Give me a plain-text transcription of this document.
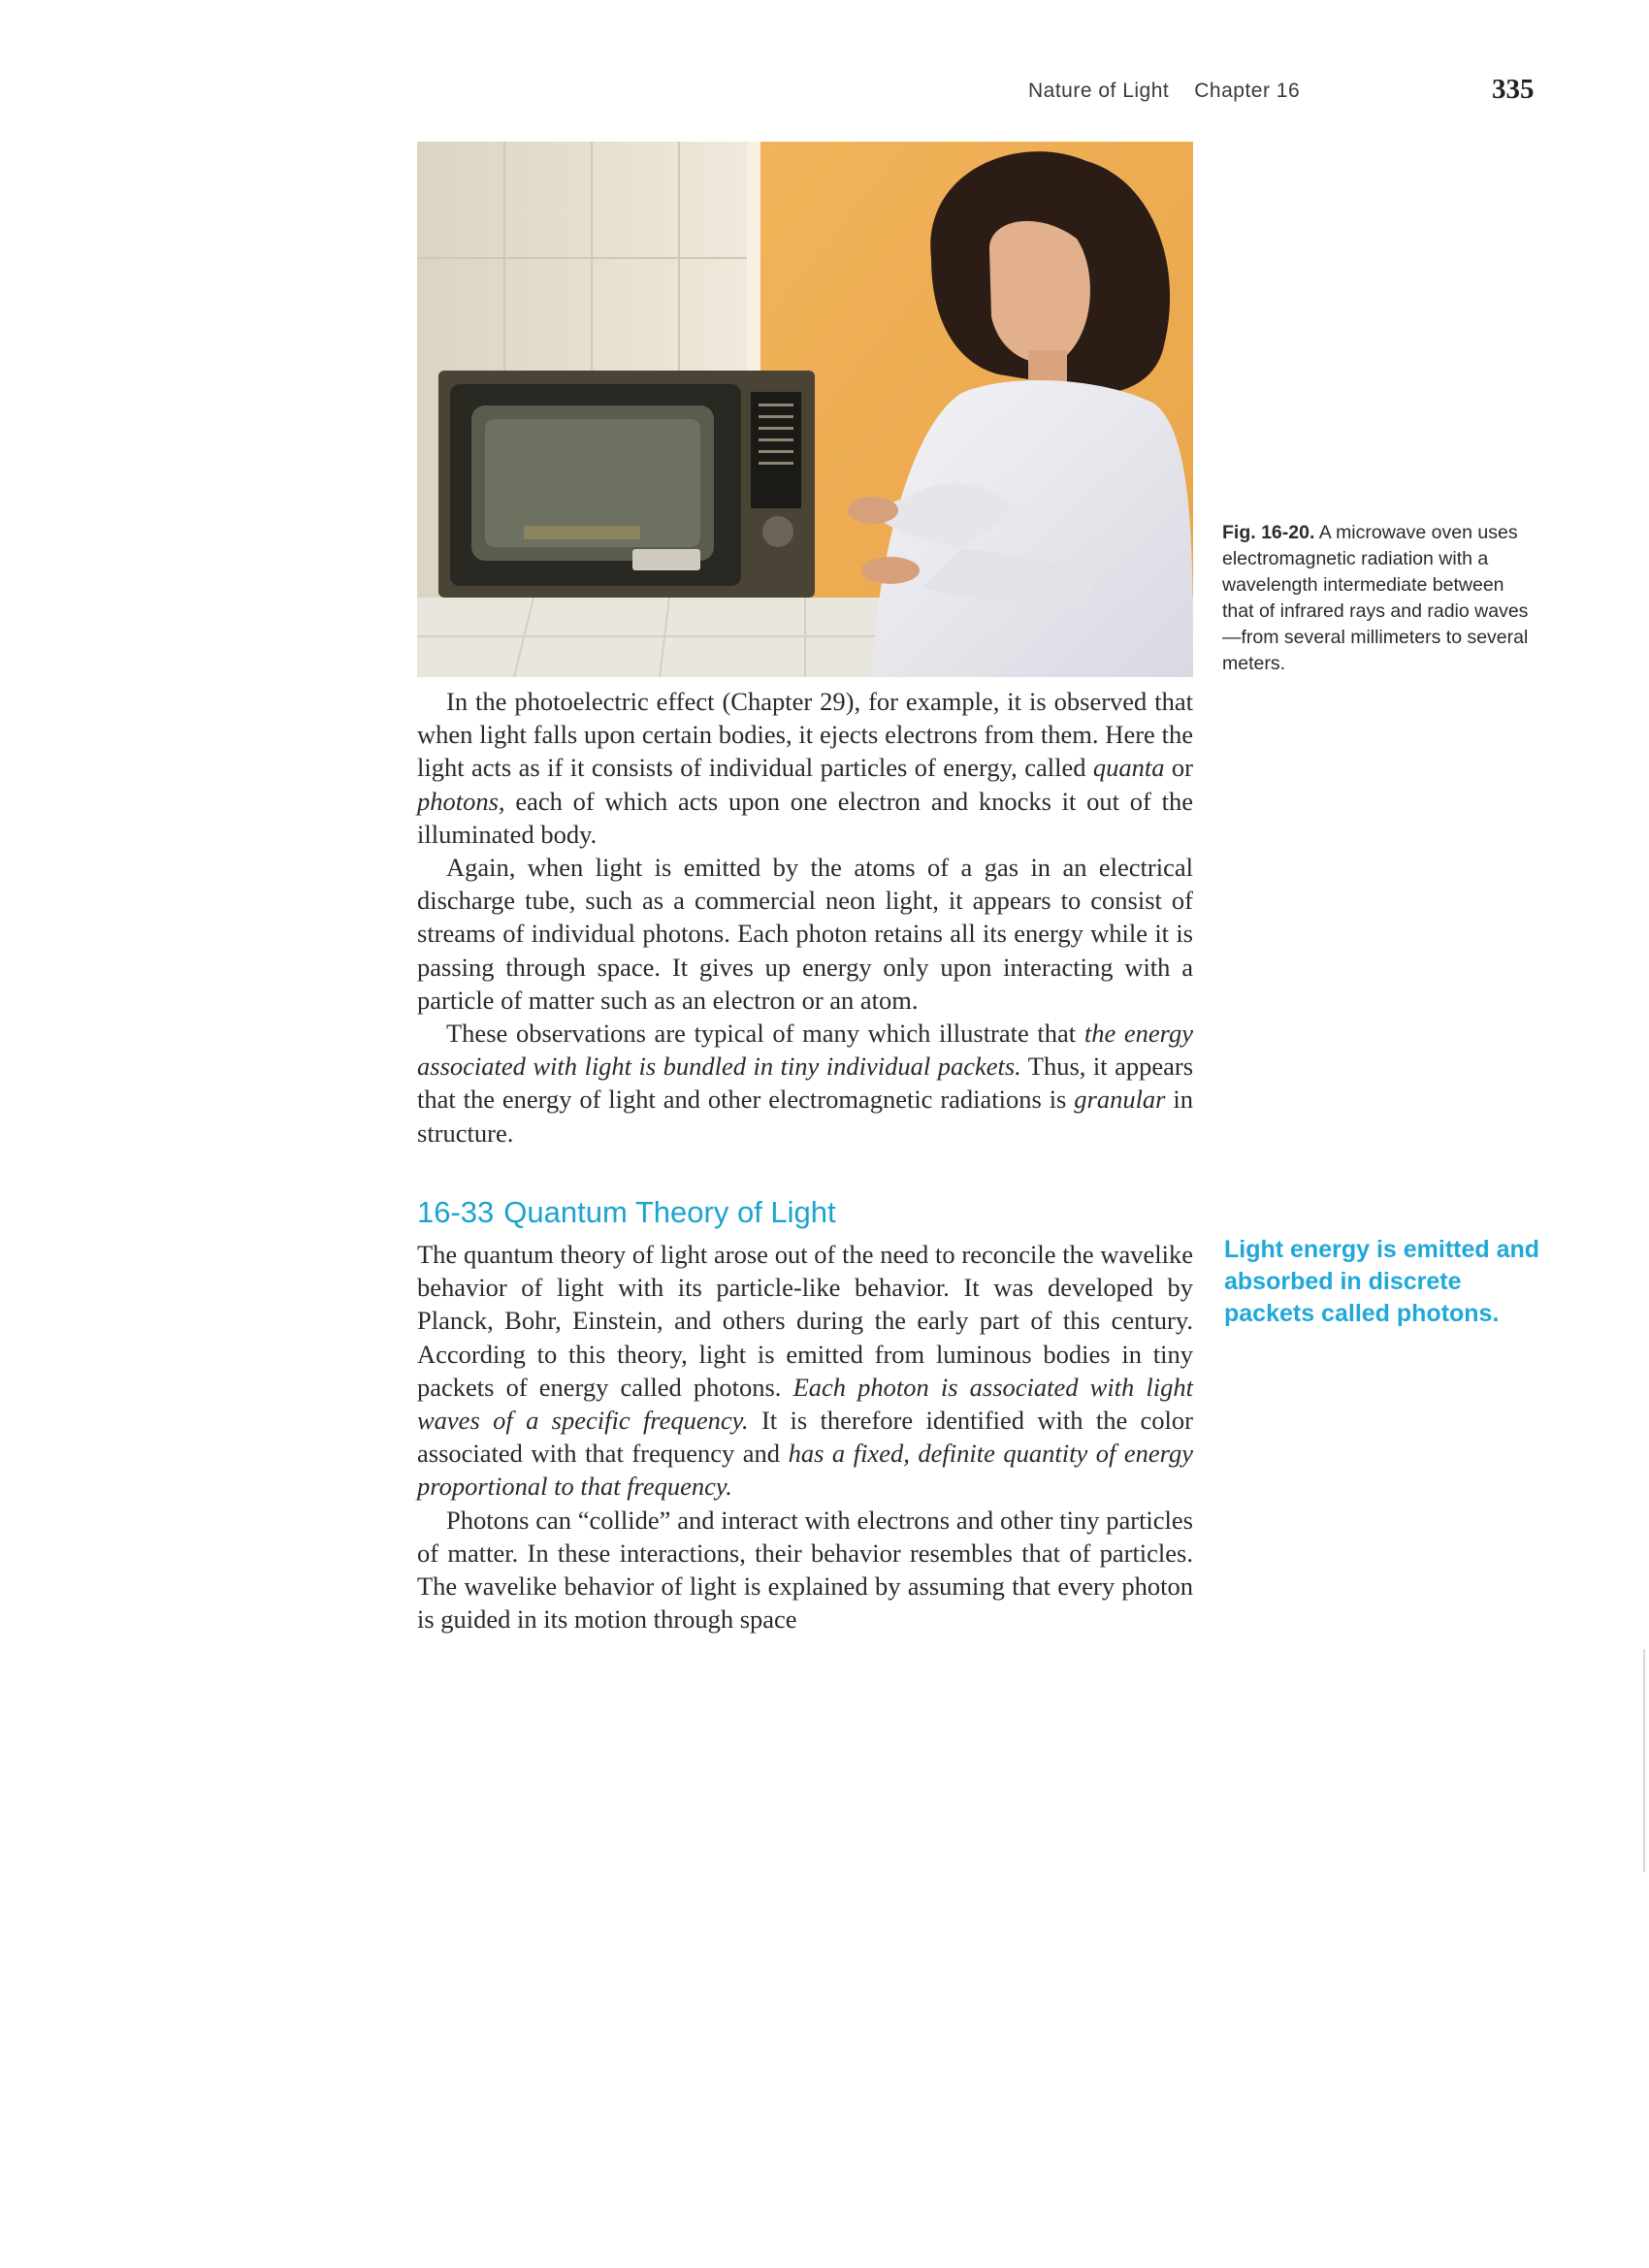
Nature of Light Chapter 16	335
Fig. 16-20. A microwave oven uses electromagnetic radiation with a wavelength intermediate between that of infrared rays and radio waves—from several millimeters to several meters.

In the photoelectric effect (Chapter 29), for example, it is observed that when light falls upon certain bodies, it ejects electrons from them. Here the light acts as if it consists of individual particles of energy, called quanta or photons, each of which acts upon one electron and knocks it out of the illuminated body.

Again, when light is emitted by the atoms of a gas in an electrical discharge tube, such as a commercial neon light, it appears to consist of streams of individual photons. Each photon retains all its energy while it is passing through space. It gives up energy only upon interacting with a particle of matter such as an electron or an atom.

These observations are typical of many which illustrate that the energy associated with light is bundled in tiny individual packets. Thus, it appears that the energy of light and other electromagnetic radiations is granular in structure.

16-33 Quantum Theory of Light

The quantum theory of light arose out of the need to reconcile the wavelike behavior of light with its particle-like behavior. It was developed by Planck, Bohr, Einstein, and others during the early part of this century. According to this theory, light is emitted from luminous bodies in tiny packets of energy called photons. Each photon is associated with light waves of a specific frequency. It is therefore identified with the color associated with that frequency and has a fixed, definite quantity of energy proportional to that frequency.

Photons can “collide” and interact with electrons and other tiny particles of matter. In these interactions, their behavior resembles that of particles. The wavelike behavior of light is explained by assuming that every photon is guided in its motion through space

Light energy is emitted and absorbed in discrete packets called photons.
